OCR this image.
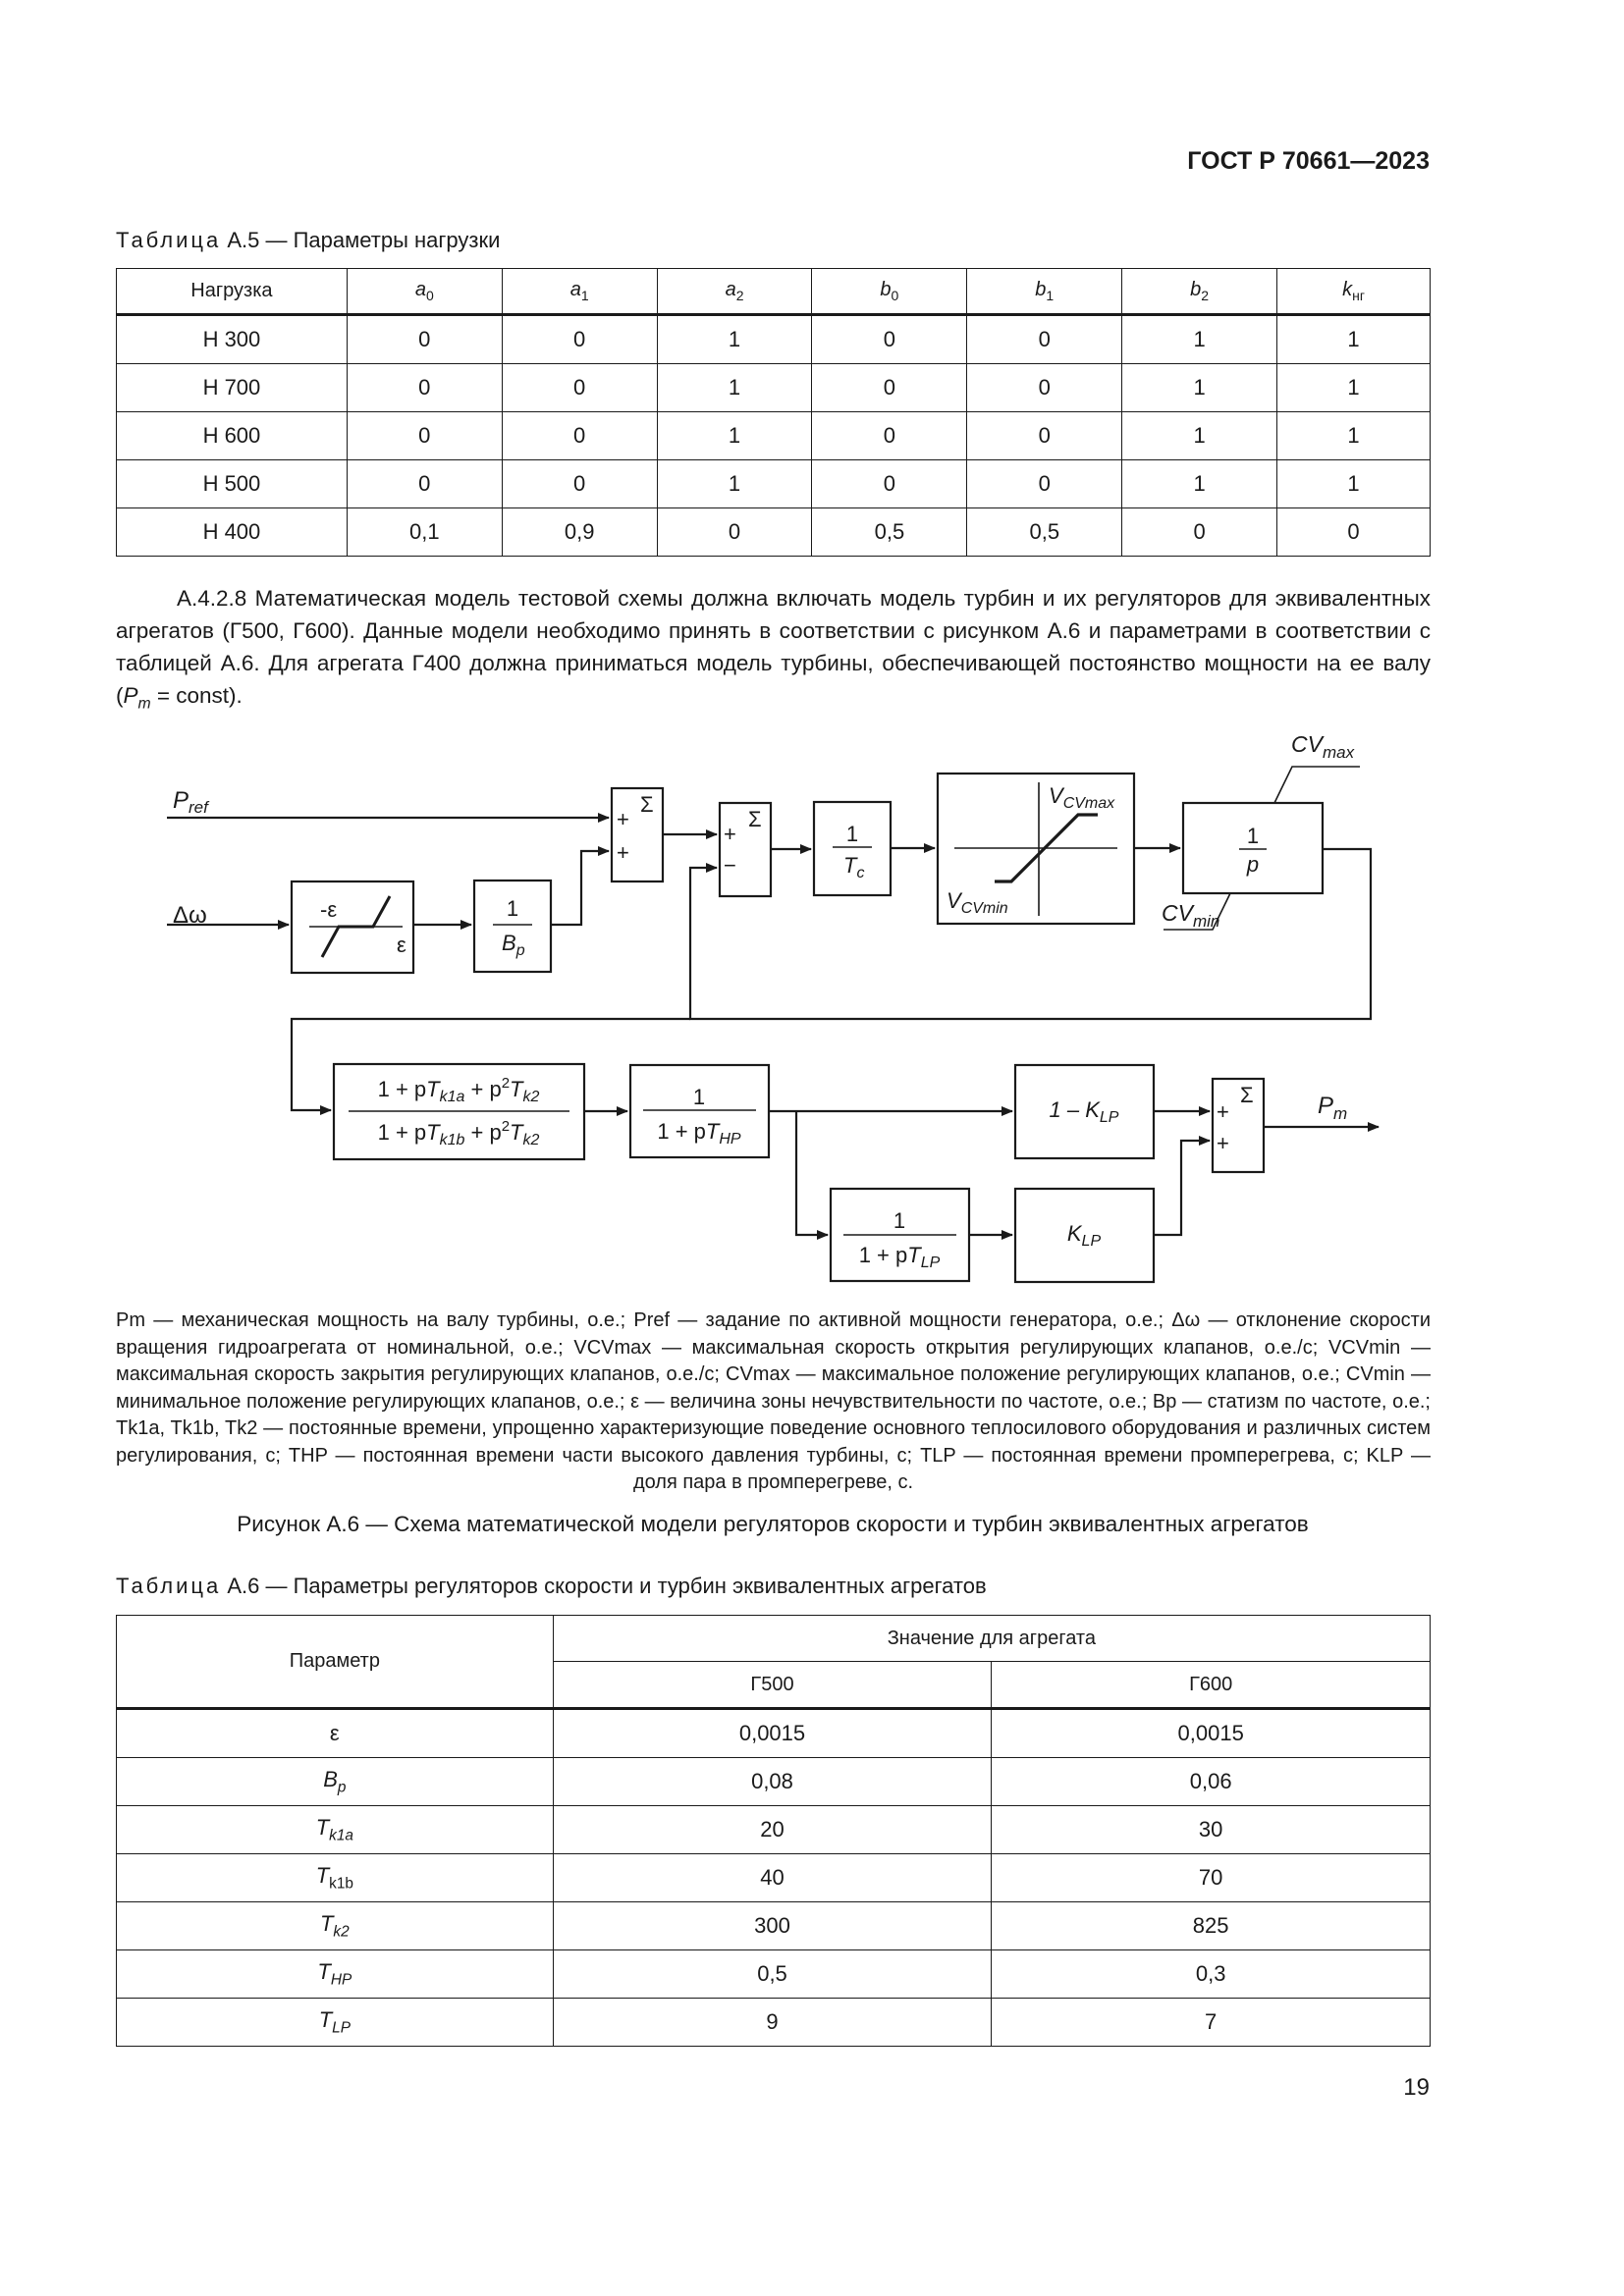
ГОСТ Р 70661—2023
Таблица А.5 — Параметры нагрузки
Нагрузка	$a_0$	$a_1$	$a_2$	$b_0$	$b_1$	$b_2$	$k_{нг}$
Н 300	0	0	1	0	0	1	1
Н 700	0	0	1	0	0	1	1
Н 600	0	0	1	0	0	1	1
Н 500	0	0	1	0	0	1	1
Н 400	0,1	0,9	0	0,5	0,5	0	0

А.4.2.8 Математическая модель тестовой схемы должна включать модель турбин и их регуляторов для эквивалентных агрегатов (Г500, Г600). Данные модели необходимо принять в соответствии с рисунком А.6 и параметрами в соответствии с таблицей А.6. Для агрегата Г400 должна приниматься модель турбины, обеспечивающей постоянство мощности на ее валу ($P_m$ = const).

$P_{ref}$
Δω	-ε
ε
1
$B_p$
+
+
Σ
+
−
Σ
1
$T_c$
$V_{CVmax}$
$V_{CVmin}$
1
p
$CV_{max}$
$CV_{min}$
$1 + pT_{k1a} + p^2T_{k2}$
$1 + pT_{k1b} + p^2T_{k2}$
1
$1 + pT_{HP}$
1
$1 + pT_{LP}$
$1 - K_{LP}$
$K_{LP}$
+
+
Σ	$P_m$

Pm — механическая мощность на валу турбины, о.е.; Pref — задание по активной мощности генератора, о.е.; Δω — отклонение скорости вращения гидроагрегата от номинальной, о.е.; VCVmax — максимальная скорость открытия регулирующих клапанов, о.е./с; VCVmin — максимальная скорость закрытия регулирующих клапанов, о.е./с; CVmax — максимальное положение регулирующих клапанов, о.е.; CVmin — минимальное положение регулирующих клапанов, о.е.; ε — величина зоны нечувствительности по частоте, о.е.; Bp — статизм по частоте, о.е.; Tk1a, Tk1b, Tk2 — постоянные времени, упрощенно характеризующие поведение основного теплосилового оборудования и различных систем регулирования, с; THP — постоянная времени части высокого давления турбины, с; TLP — постоянная времени промперегрева, с; KLP — доля пара в промперегреве, с.

Рисунок А.6 — Схема математической модели регуляторов скорости и турбин эквивалентных агрегатов
Таблица А.6 — Параметры регуляторов скорости и турбин эквивалентных агрегатов
Параметр	Значение для агрегата	
	Г500	Г600
ε	0,0015	0,0015
$B_p$	0,08	0,06
$T_{k1a}$	20	30
$T_{k1b}$	40	70
$T_{k2}$	300	825
$T_{HP}$	0,5	0,3
$T_{LP}$	9	7
19
